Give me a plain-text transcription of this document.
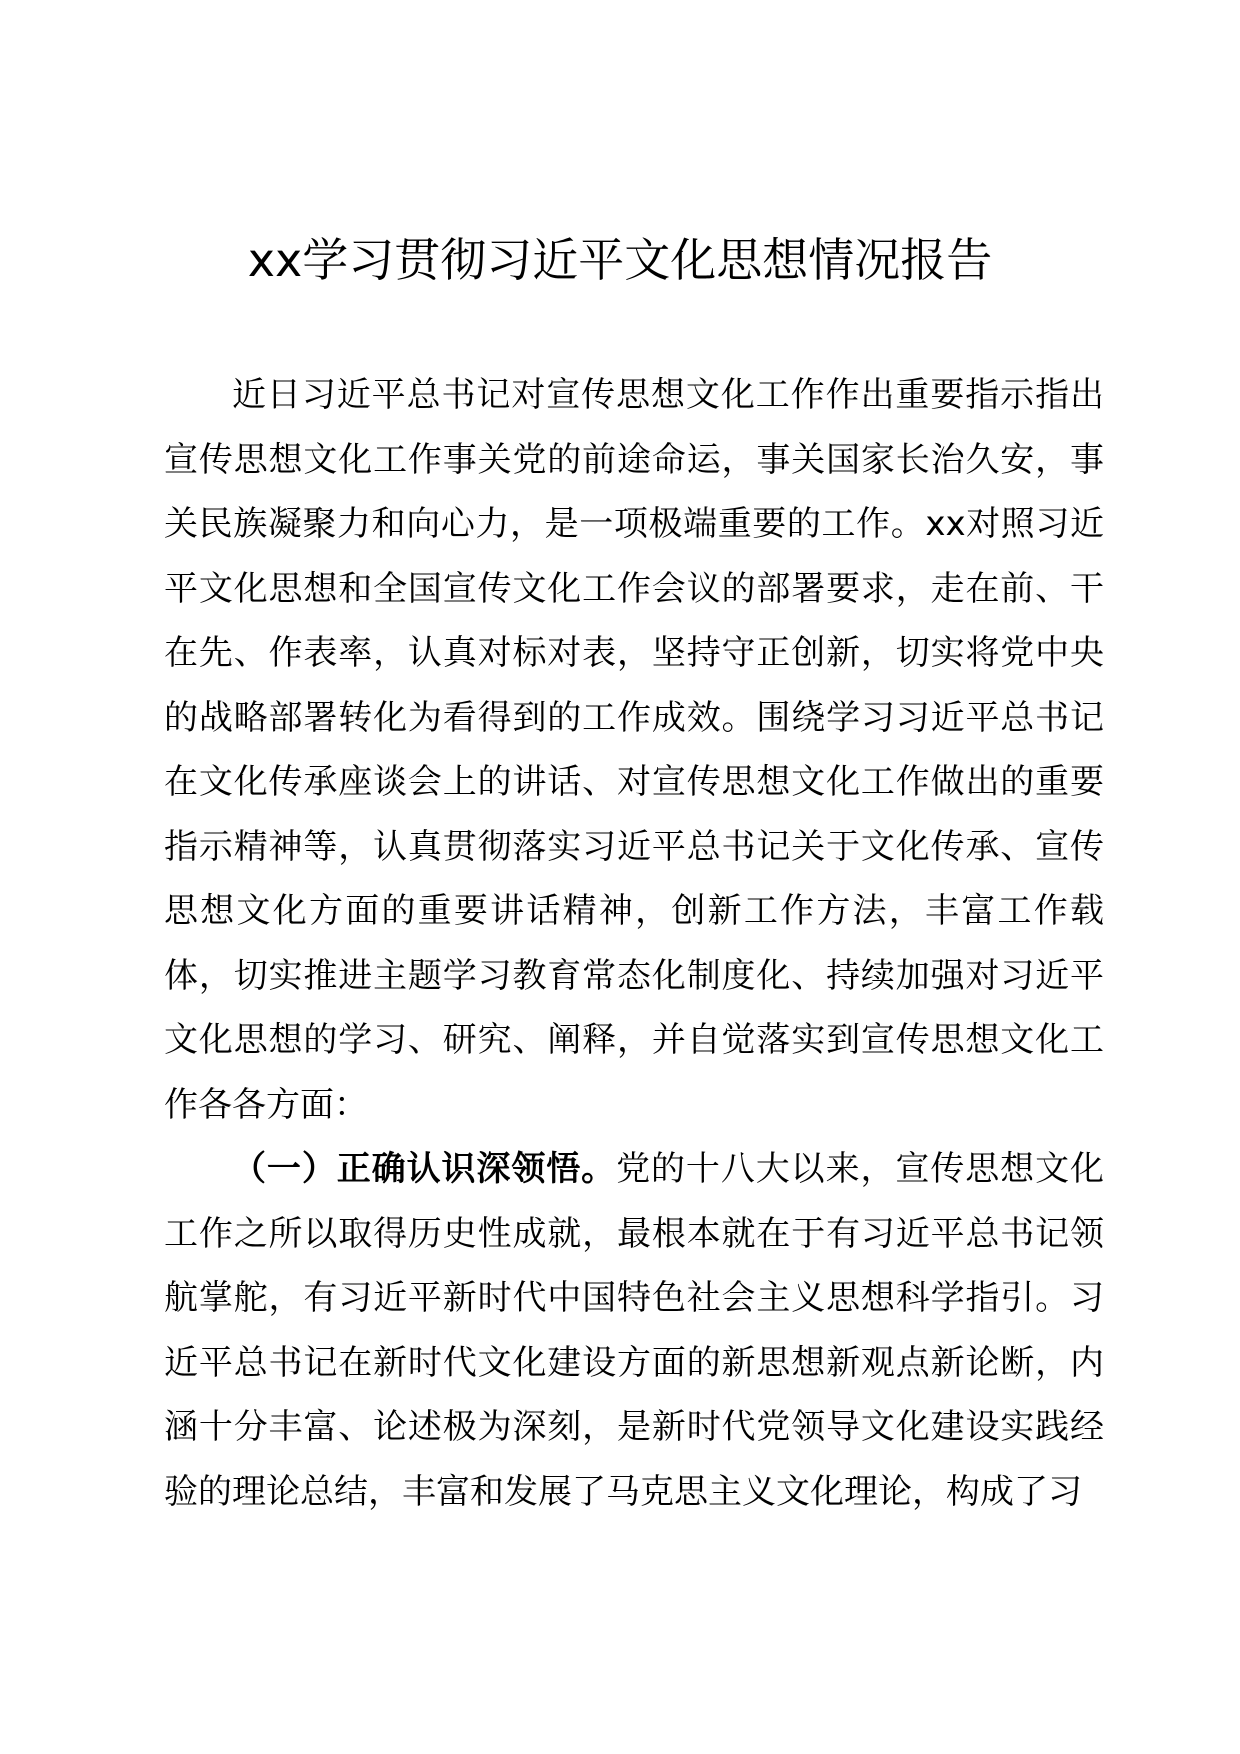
xx学习贯彻习近平文化思想情况报告

近日习近平总书记对宣传思想文化工作作出重要指示指出宣传思想文化工作事关党的前途命运，事关国家长治久安，事关民族凝聚力和向心力，是一项极端重要的工作。xx对照习近平文化思想和全国宣传文化工作会议的部署要求，走在前、干在先、作表率，认真对标对表，坚持守正创新，切实将党中央的战略部署转化为看得到的工作成效。围绕学习习近平总书记在文化传承座谈会上的讲话、对宣传思想文化工作做出的重要指示精神等，认真贯彻落实习近平总书记关于文化传承、宣传思想文化方面的重要讲话精神，创新工作方法，丰富工作载体，切实推进主题学习教育常态化制度化、持续加强对习近平文化思想的学习、研究、阐释，并自觉落实到宣传思想文化工作各各方面：

（一）正确认识深领悟。党的十八大以来，宣传思想文化工作之所以取得历史性成就，最根本就在于有习近平总书记领航掌舵，有习近平新时代中国特色社会主义思想科学指引。习近平总书记在新时代文化建设方面的新思想新观点新论断，内涵十分丰富、论述极为深刻，是新时代党领导文化建设实践经验的理论总结，丰富和发展了马克思主义文化理论，构成了习
